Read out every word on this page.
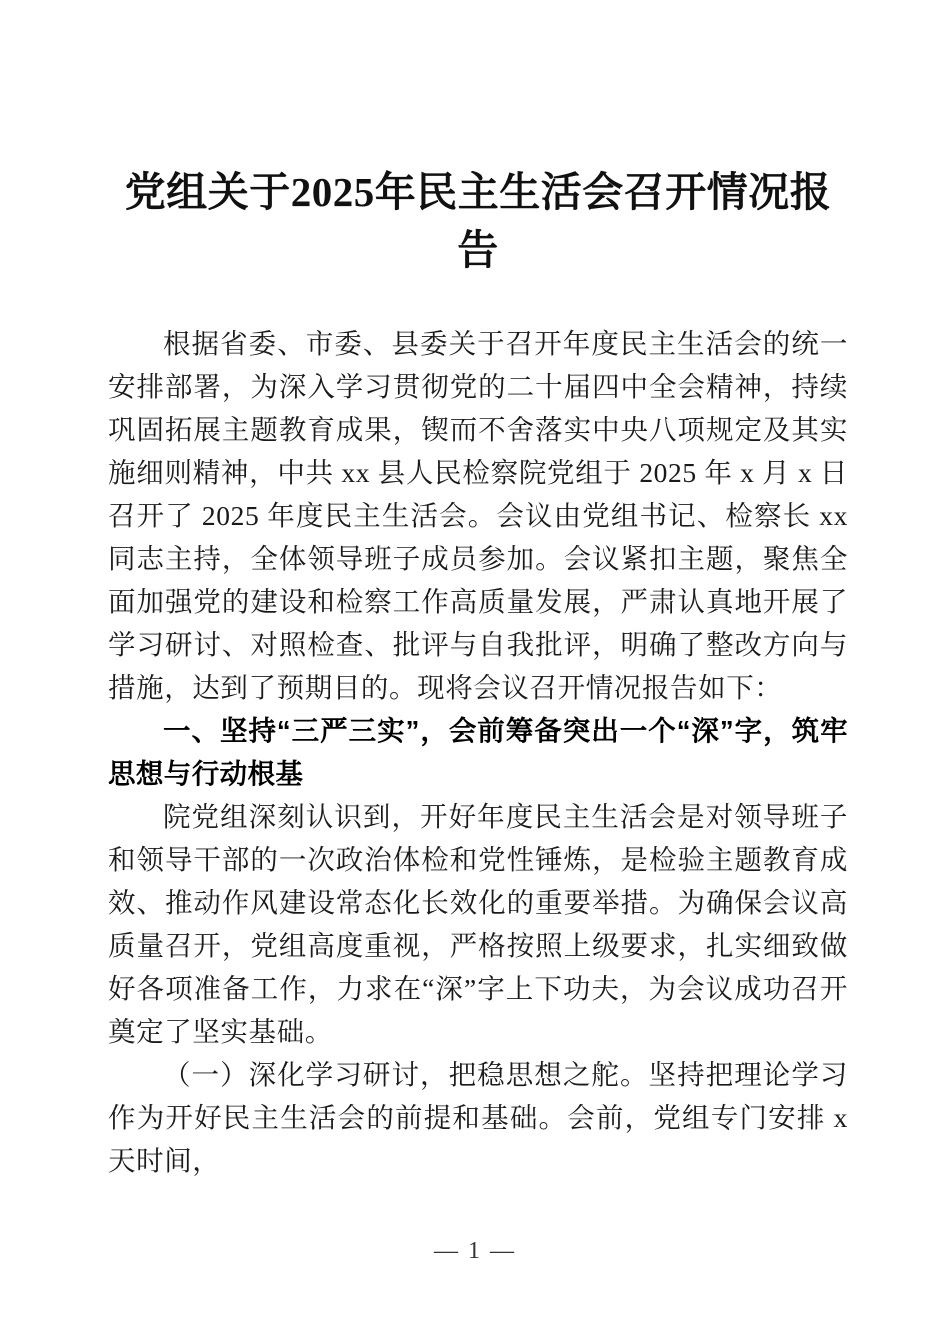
党组关于2025年民主生活会召开情况报告

根据省委、市委、县委关于召开年度民主生活会的统一安排部署，为深入学习贯彻党的二十届四中全会精神，持续巩固拓展主题教育成果，锲而不舍落实中央八项规定及其实施细则精神，中共 xx 县人民检察院党组于 2025 年 x 月 x 日召开了 2025 年度民主生活会。会议由党组书记、检察长 xx 同志主持，全体领导班子成员参加。会议紧扣主题，聚焦全面加强党的建设和检察工作高质量发展，严肃认真地开展了学习研讨、对照检查、批评与自我批评，明确了整改方向与措施，达到了预期目的。现将会议召开情况报告如下：

一、坚持“三严三实”，会前筹备突出一个“深”字，筑牢思想与行动根基

院党组深刻认识到，开好年度民主生活会是对领导班子和领导干部的一次政治体检和党性锤炼，是检验主题教育成效、推动作风建设常态化长效化的重要举措。为确保会议高质量召开，党组高度重视，严格按照上级要求，扎实细致做好各项准备工作，力求在“深”字上下功夫，为会议成功召开奠定了坚实基础。

（一）深化学习研讨，把稳思想之舵。坚持把理论学习作为开好民主生活会的前提和基础。会前，党组专门安排 x 天时间，

— 1 —
